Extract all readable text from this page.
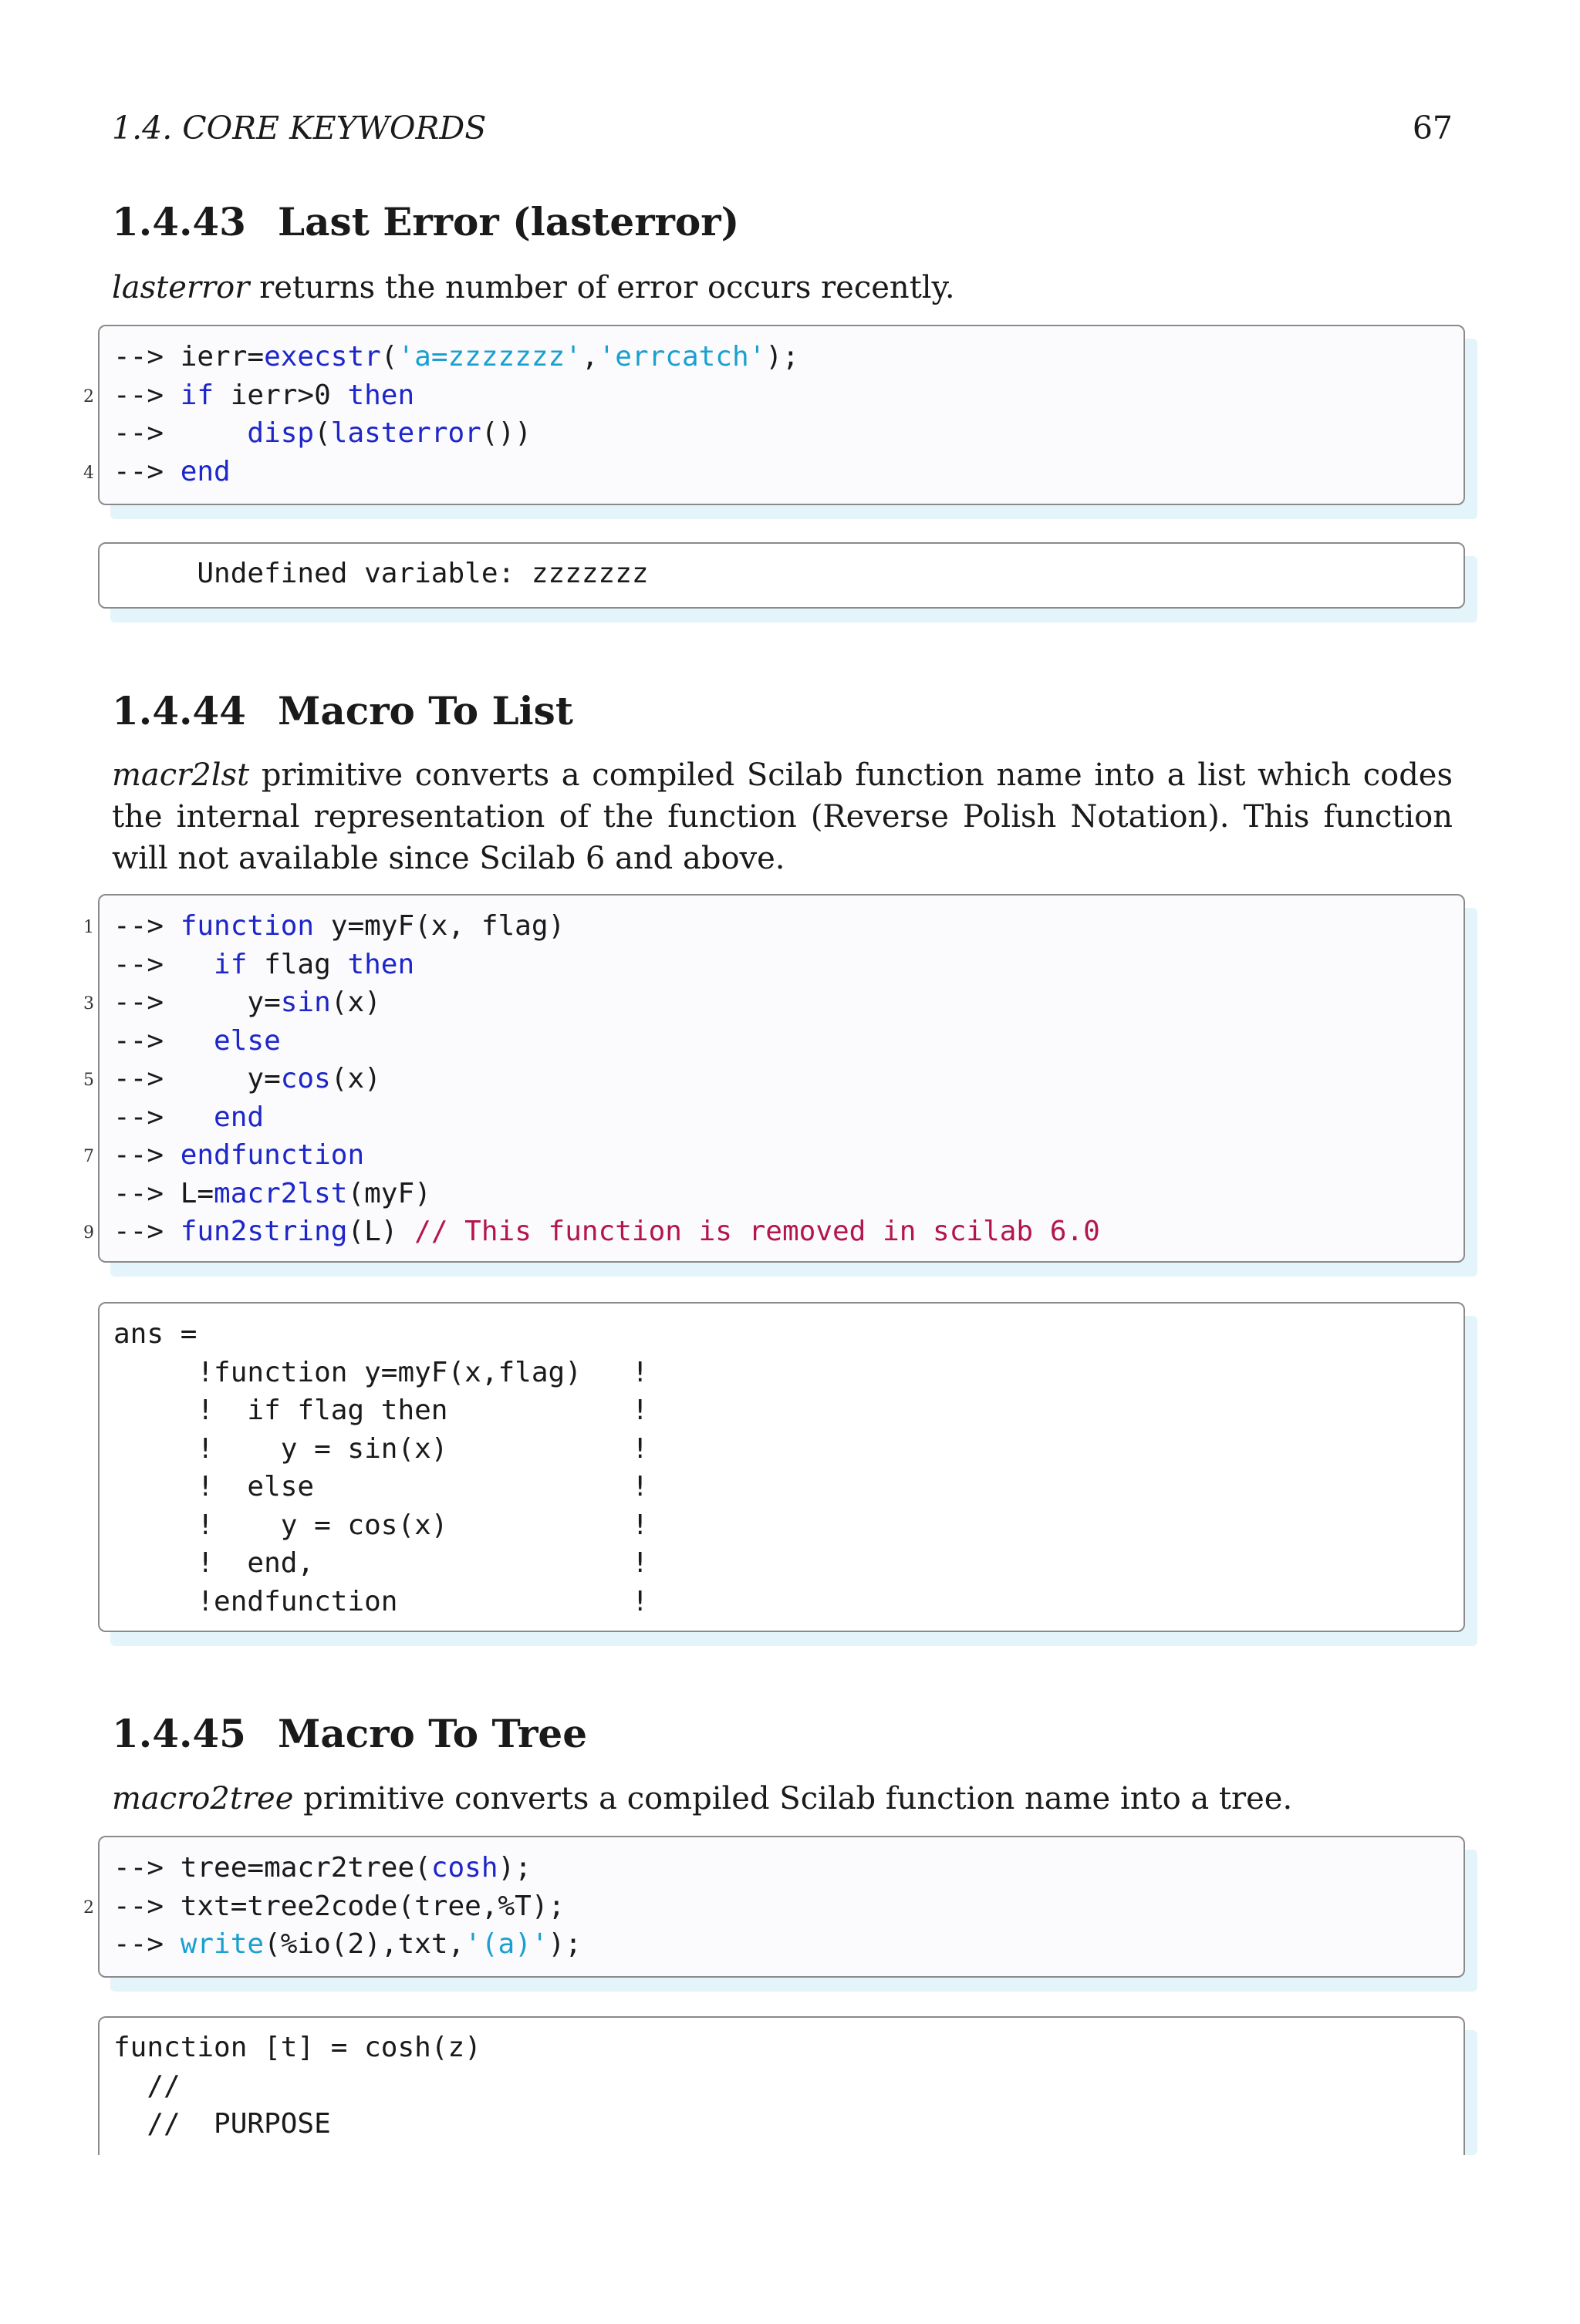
1.4. CORE KEYWORDS	67
1.4.43 Last Error (lasterror)
lasterror returns the number of error occurs recently.
2
4
--> ierr=execstr('a=zzzzzzz','errcatch');
--> if ierr>0 then
-->     disp(lasterror())
--> end
Undefined variable: zzzzzzz
1.4.44 Macro To List
macr2lst primitive converts a compiled Scilab function name into a list which codes the internal representation of the function (Reverse Polish Notation). This function will not available since Scilab 6 and above.
1
3
5
7
9
--> function y=myF(x, flag)
-->   if flag then
-->     y=sin(x)
-->   else
-->     y=cos(x)
-->   end
--> endfunction
--> L=macr2lst(myF)
--> fun2string(L) // This function is removed in scilab 6.0
ans =
!function y=myF(x,flag)   !
!  if flag then           !
!    y = sin(x)           !
!  else                   !
!    y = cos(x)           !
!  end,                   !
!endfunction              !
1.4.45 Macro To Tree
macro2tree primitive converts a compiled Scilab function name into a tree.
2
--> tree=macr2tree(cosh);
--> txt=tree2code(tree,%T);
--> write(%io(2),txt,'(a)');
function [t] = cosh(z)
//
//  PURPOSE
